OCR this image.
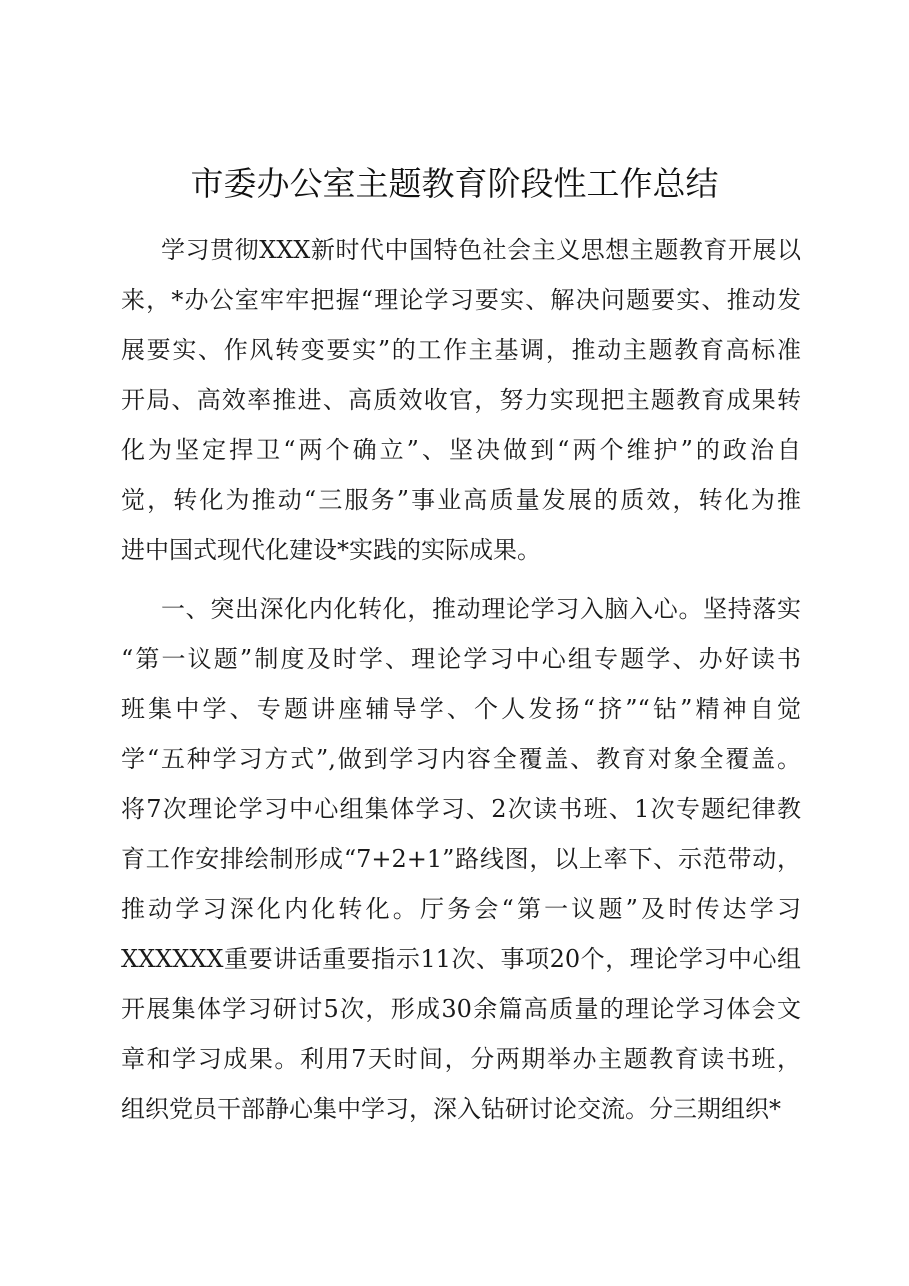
市委办公室主题教育阶段性工作总结
学习贯彻XXX新时代中国特色社会主义思想主题教育开展以
来，*办公室牢牢把握“理论学习要实、解决问题要实、推动发
展要实、作风转变要实”的工作主基调，推动主题教育高标准
开局、高效率推进、高质效收官，努力实现把主题教育成果转
化为坚定捍卫“两个确立”、坚决做到“两个维护”的政治自
觉，转化为推动“三服务”事业高质量发展的质效，转化为推
进中国式现代化建设*实践的实际成果。
一、突出深化内化转化，推动理论学习入脑入心。坚持落实
“第一议题”制度及时学、理论学习中心组专题学、办好读书
班集中学、专题讲座辅导学、个人发扬“挤”“钻”精神自觉
学“五种学习方式”,做到学习内容全覆盖、教育对象全覆盖。
将7次理论学习中心组集体学习、2次读书班、1次专题纪律教
育工作安排绘制形成“7+2+1”路线图，以上率下、示范带动，
推动学习深化内化转化。厅务会“第一议题”及时传达学习
XXXXXX重要讲话重要指示11次、事项20个，理论学习中心组
开展集体学习研讨5次，形成30余篇高质量的理论学习体会文
章和学习成果。利用7天时间，分两期举办主题教育读书班，
组织党员干部静心集中学习，深入钻研讨论交流。分三期组织*
